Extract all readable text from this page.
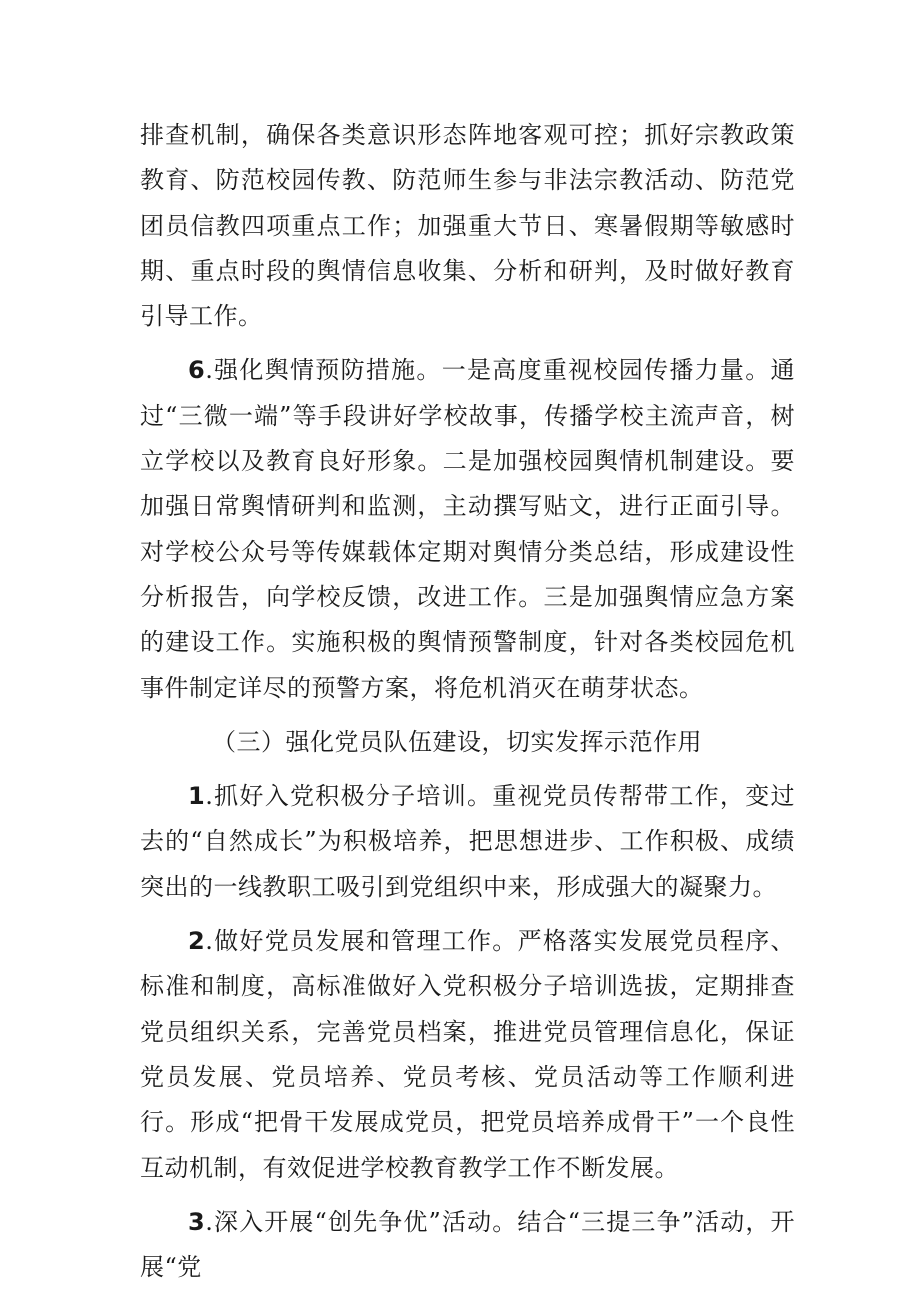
排查机制，确保各类意识形态阵地客观可控；抓好宗教政策教育、防范校园传教、防范师生参与非法宗教活动、防范党团员信教四项重点工作；加强重大节日、寒暑假期等敏感时期、重点时段的舆情信息收集、分析和研判，及时做好教育引导工作。

6.强化舆情预防措施。一是高度重视校园传播力量。通过“三微一端”等手段讲好学校故事，传播学校主流声音，树立学校以及教育良好形象。二是加强校园舆情机制建设。要加强日常舆情研判和监测，主动撰写贴文，进行正面引导。对学校公众号等传媒载体定期对舆情分类总结，形成建设性分析报告，向学校反馈，改进工作。三是加强舆情应急方案的建设工作。实施积极的舆情预警制度，针对各类校园危机事件制定详尽的预警方案，将危机消灭在萌芽状态。

（三）强化党员队伍建设，切实发挥示范作用

1.抓好入党积极分子培训。重视党员传帮带工作，变过去的“自然成长”为积极培养，把思想进步、工作积极、成绩突出的一线教职工吸引到党组织中来，形成强大的凝聚力。

2.做好党员发展和管理工作。严格落实发展党员程序、标准和制度，高标准做好入党积极分子培训选拔，定期排查党员组织关系，完善党员档案，推进党员管理信息化，保证党员发展、党员培养、党员考核、党员活动等工作顺利进行。形成“把骨干发展成党员，把党员培养成骨干”一个良性互动机制，有效促进学校教育教学工作不断发展。

3.深入开展“创先争优”活动。结合“三提三争”活动，开展“党
